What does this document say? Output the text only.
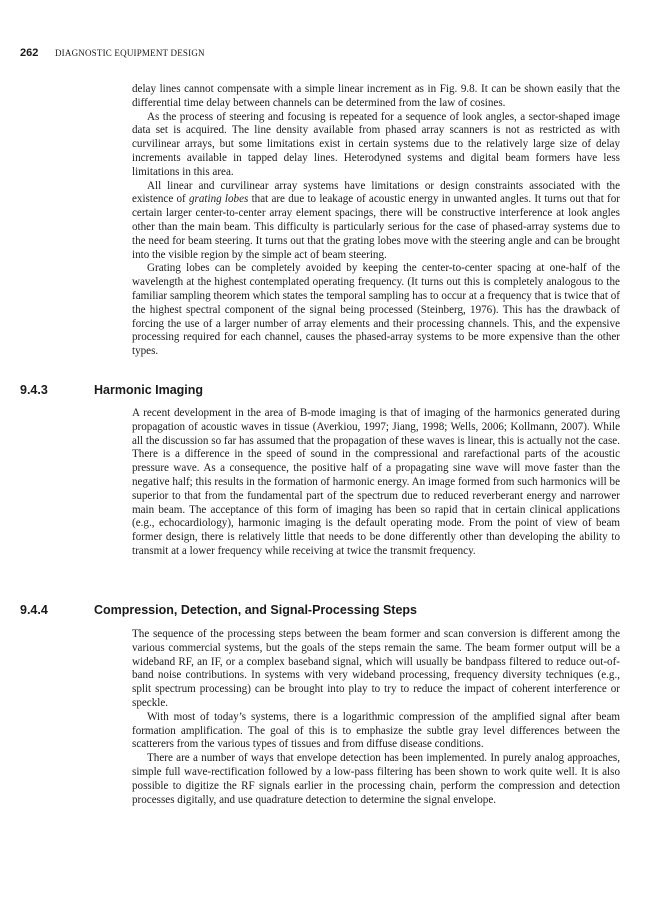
262 DIAGNOSTIC EQUIPMENT DESIGN

delay lines cannot compensate with a simple linear increment as in Fig. 9.8. It can be shown easily that the differential time delay between channels can be determined from the law of cosines.

As the process of steering and focusing is repeated for a sequence of look angles, a sector-shaped image data set is acquired. The line density available from phased array scanners is not as restricted as with curvilinear arrays, but some limitations exist in certain systems due to the relatively large size of delay increments available in tapped delay lines. Heterodyned systems and digital beam formers have less limitations in this area.

All linear and curvilinear array systems have limitations or design constraints associated with the existence of grating lobes that are due to leakage of acoustic energy in unwanted angles. It turns out that for certain larger center-to-center array element spacings, there will be constructive interference at look angles other than the main beam. This difficulty is particularly serious for the case of phased-array systems due to the need for beam steering. It turns out that the grating lobes move with the steering angle and can be brought into the visible region by the simple act of beam steering.

Grating lobes can be completely avoided by keeping the center-to-center spacing at one-half of the wavelength at the highest contemplated operating frequency. (It turns out this is completely analogous to the familiar sampling theorem which states the temporal sampling has to occur at a frequency that is twice that of the highest spectral component of the signal being processed (Steinberg, 1976). This has the drawback of forcing the use of a larger number of array elements and their processing channels. This, and the expensive processing required for each channel, causes the phased-array systems to be more expensive than the other types.

9.4.3	Harmonic Imaging

A recent development in the area of B-mode imaging is that of imaging of the harmonics generated during propagation of acoustic waves in tissue (Averkiou, 1997; Jiang, 1998; Wells, 2006; Kollmann, 2007). While all the discussion so far has assumed that the propagation of these waves is linear, this is actually not the case. There is a difference in the speed of sound in the compressional and rarefactional parts of the acoustic pressure wave. As a consequence, the positive half of a propagating sine wave will move faster than the negative half; this results in the formation of harmonic energy. An image formed from such harmonics will be superior to that from the fundamental part of the spectrum due to reduced reverberant energy and narrower main beam. The acceptance of this form of imaging has been so rapid that in certain clinical applications (e.g., echocardiology), harmonic imaging is the default operating mode. From the point of view of beam former design, there is relatively little that needs to be done differently other than developing the ability to transmit at a lower frequency while receiving at twice the transmit frequency.

9.4.4	Compression, Detection, and Signal-Processing Steps

The sequence of the processing steps between the beam former and scan conversion is different among the various commercial systems, but the goals of the steps remain the same. The beam former output will be a wideband RF, an IF, or a complex baseband signal, which will usually be bandpass filtered to reduce out-of-band noise contributions. In systems with very wideband processing, frequency diversity techniques (e.g., split spectrum processing) can be brought into play to try to reduce the impact of coherent interference or speckle.

With most of today’s systems, there is a logarithmic compression of the amplified signal after beam formation amplification. The goal of this is to emphasize the subtle gray level differences between the scatterers from the various types of tissues and from diffuse disease conditions.

There are a number of ways that envelope detection has been implemented. In purely analog approaches, simple full wave-rectification followed by a low-pass filtering has been shown to work quite well. It is also possible to digitize the RF signals earlier in the processing chain, perform the compression and detection processes digitally, and use quadrature detection to determine the signal envelope.
